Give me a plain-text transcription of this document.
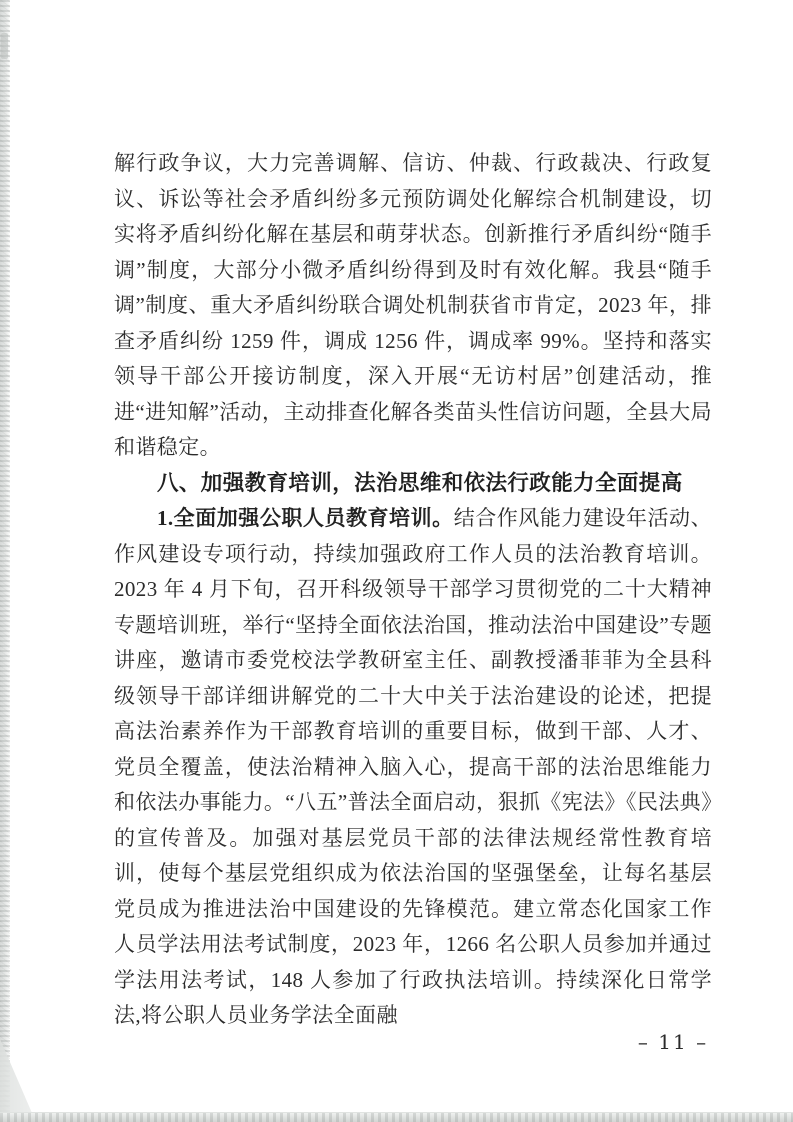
解行政争议，大力完善调解、信访、仲裁、行政裁决、行政复议、诉讼等社会矛盾纠纷多元预防调处化解综合机制建设，切实将矛盾纠纷化解在基层和萌芽状态。创新推行矛盾纠纷“随手调”制度，大部分小微矛盾纠纷得到及时有效化解。我县“随手调”制度、重大矛盾纠纷联合调处机制获省市肯定，2023 年，排查矛盾纠纷 1259 件，调成 1256 件，调成率 99%。坚持和落实领导干部公开接访制度，深入开展“无访村居”创建活动，推进“进知解”活动，主动排查化解各类苗头性信访问题，全县大局和谐稳定。

八、加强教育培训，法治思维和依法行政能力全面提高

1.全面加强公职人员教育培训。结合作风能力建设年活动、作风建设专项行动，持续加强政府工作人员的法治教育培训。2023 年 4 月下旬，召开科级领导干部学习贯彻党的二十大精神专题培训班，举行“坚持全面依法治国，推动法治中国建设”专题讲座，邀请市委党校法学教研室主任、副教授潘菲菲为全县科级领导干部详细讲解党的二十大中关于法治建设的论述，把提高法治素养作为干部教育培训的重要目标，做到干部、人才、党员全覆盖，使法治精神入脑入心，提高干部的法治思维能力和依法办事能力。“八五”普法全面启动，狠抓《宪法》《民法典》的宣传普及。加强对基层党员干部的法律法规经常性教育培训，使每个基层党组织成为依法治国的坚强堡垒，让每名基层党员成为推进法治中国建设的先锋模范。建立常态化国家工作人员学法用法考试制度，2023 年，1266 名公职人员参加并通过学法用法考试，148 人参加了行政执法培训。持续深化日常学法,将公职人员业务学法全面融

– 11 –
